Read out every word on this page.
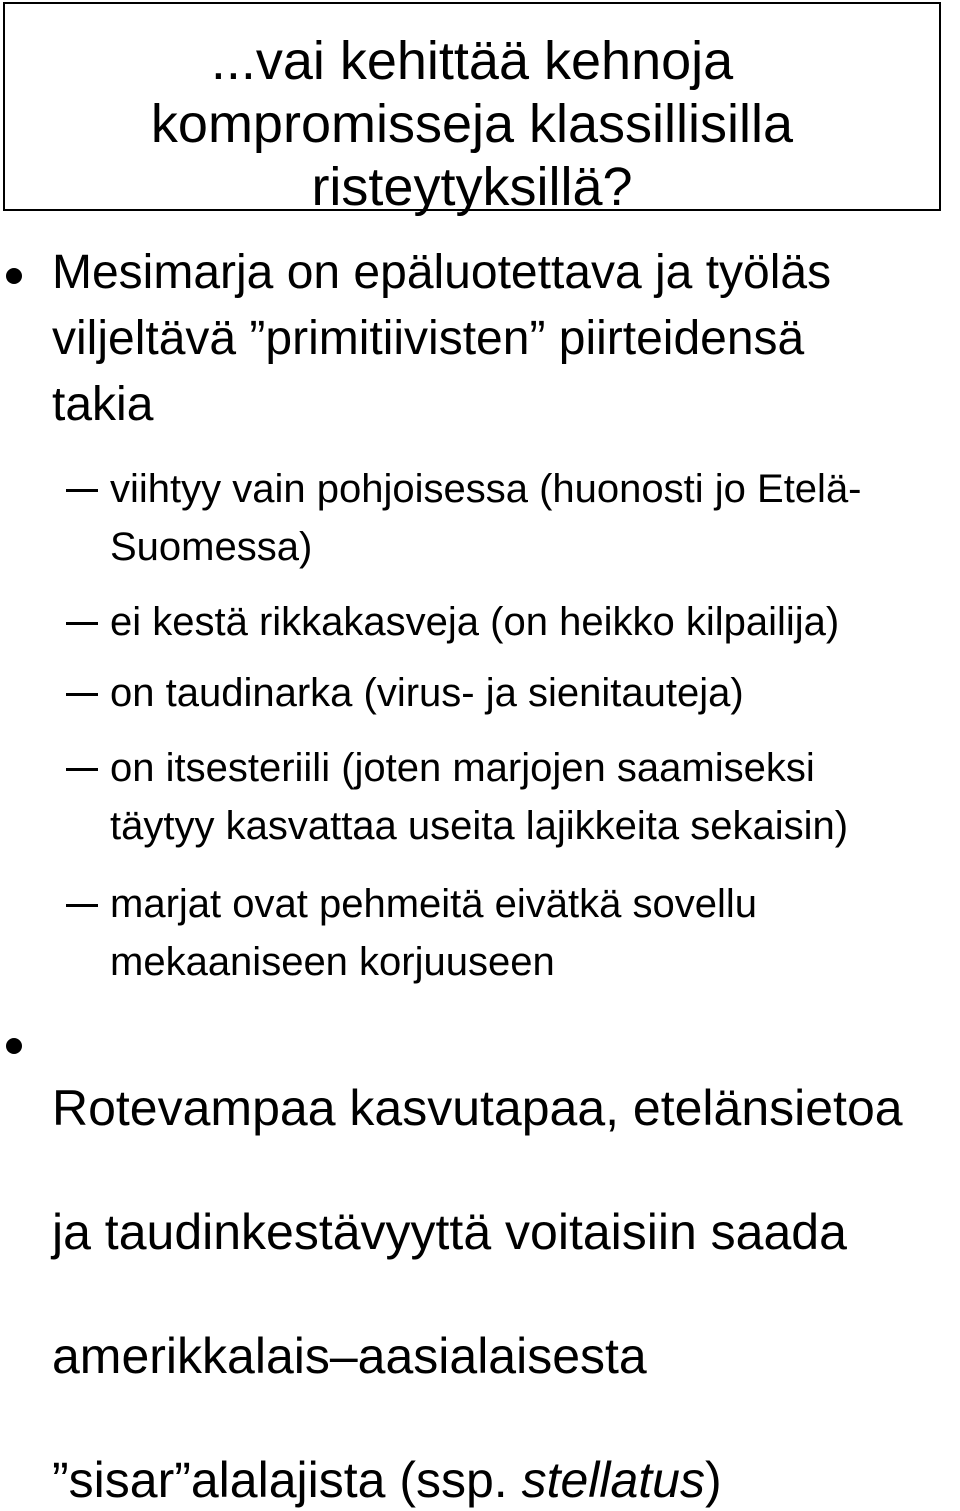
...vai kehittää kehnoja
kompromisseja klassillisilla
risteytyksillä?
Mesimarja on epäluotettava ja työläs
viljeltävä ”primitiivisten” piirteidensä
takia
viihtyy vain pohjoisessa (huonosti jo Etelä-
Suomessa)
ei kestä rikkakasveja (on heikko kilpailija)
on taudinarka (virus- ja sienitauteja)
on itsesteriili (joten marjojen saamiseksi
täytyy kasvattaa useita lajikkeita sekaisin)
marjat ovat pehmeitä eivätkä sovellu
mekaaniseen korjuuseen

Rotevampaa kasvutapaa, etelänsietoa

ja taudinkestävyyttä voitaisiin saada

amerikkalais–aasialaisesta

”sisar”alalajista (ssp. stellatus)
